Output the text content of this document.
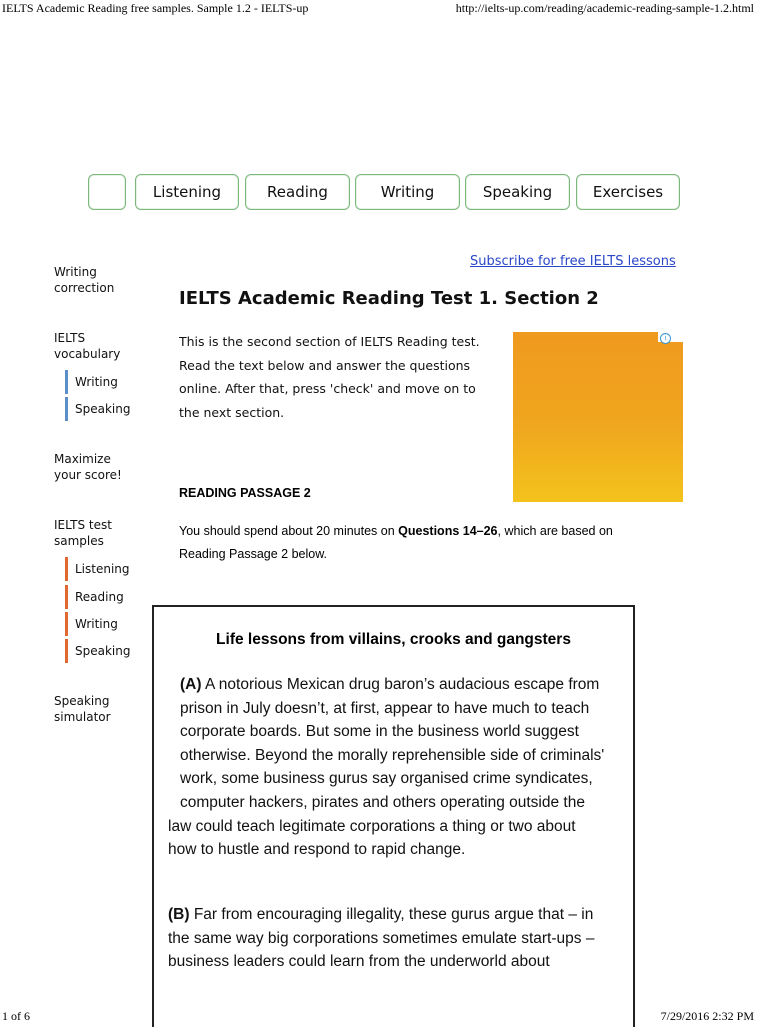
IELTS Academic Reading free samples. Sample 1.2 - IELTS-up	http://ielts-up.com/reading/academic-reading-sample-1.2.html
Listening	Reading	Writing	Speaking	Exercises
Writing correction
IELTS vocabulary
Writing
Speaking
Maximize your score!
IELTS test samples
Listening
Reading
Writing
Speaking
Speaking simulator
Subscribe for free IELTS lessons
IELTS Academic Reading Test 1. Section 2
This is the second section of IELTS Reading test. Read the text below and answer the questions online. After that, press 'check' and move on to the next section.
i
READING PASSAGE 2
You should spend about 20 minutes on Questions 14–26, which are based on Reading Passage 2 below.
Life lessons from villains, crooks and gangsters
(A) A notorious Mexican drug baron’s audacious escape from
prison in July doesn’t, at first, appear to have much to teach
corporate boards. But some in the business world suggest
otherwise. Beyond the morally reprehensible side of criminals'
work, some business gurus say organised crime syndicates,
computer hackers, pirates and others operating outside the
law could teach legitimate corporations a thing or two about
how to hustle and respond to rapid change.
(B) Far from encouraging illegality, these gurus argue that – in
the same way big corporations sometimes emulate start-ups –
business leaders could learn from the underworld about
1 of 6	7/29/2016 2:32 PM
